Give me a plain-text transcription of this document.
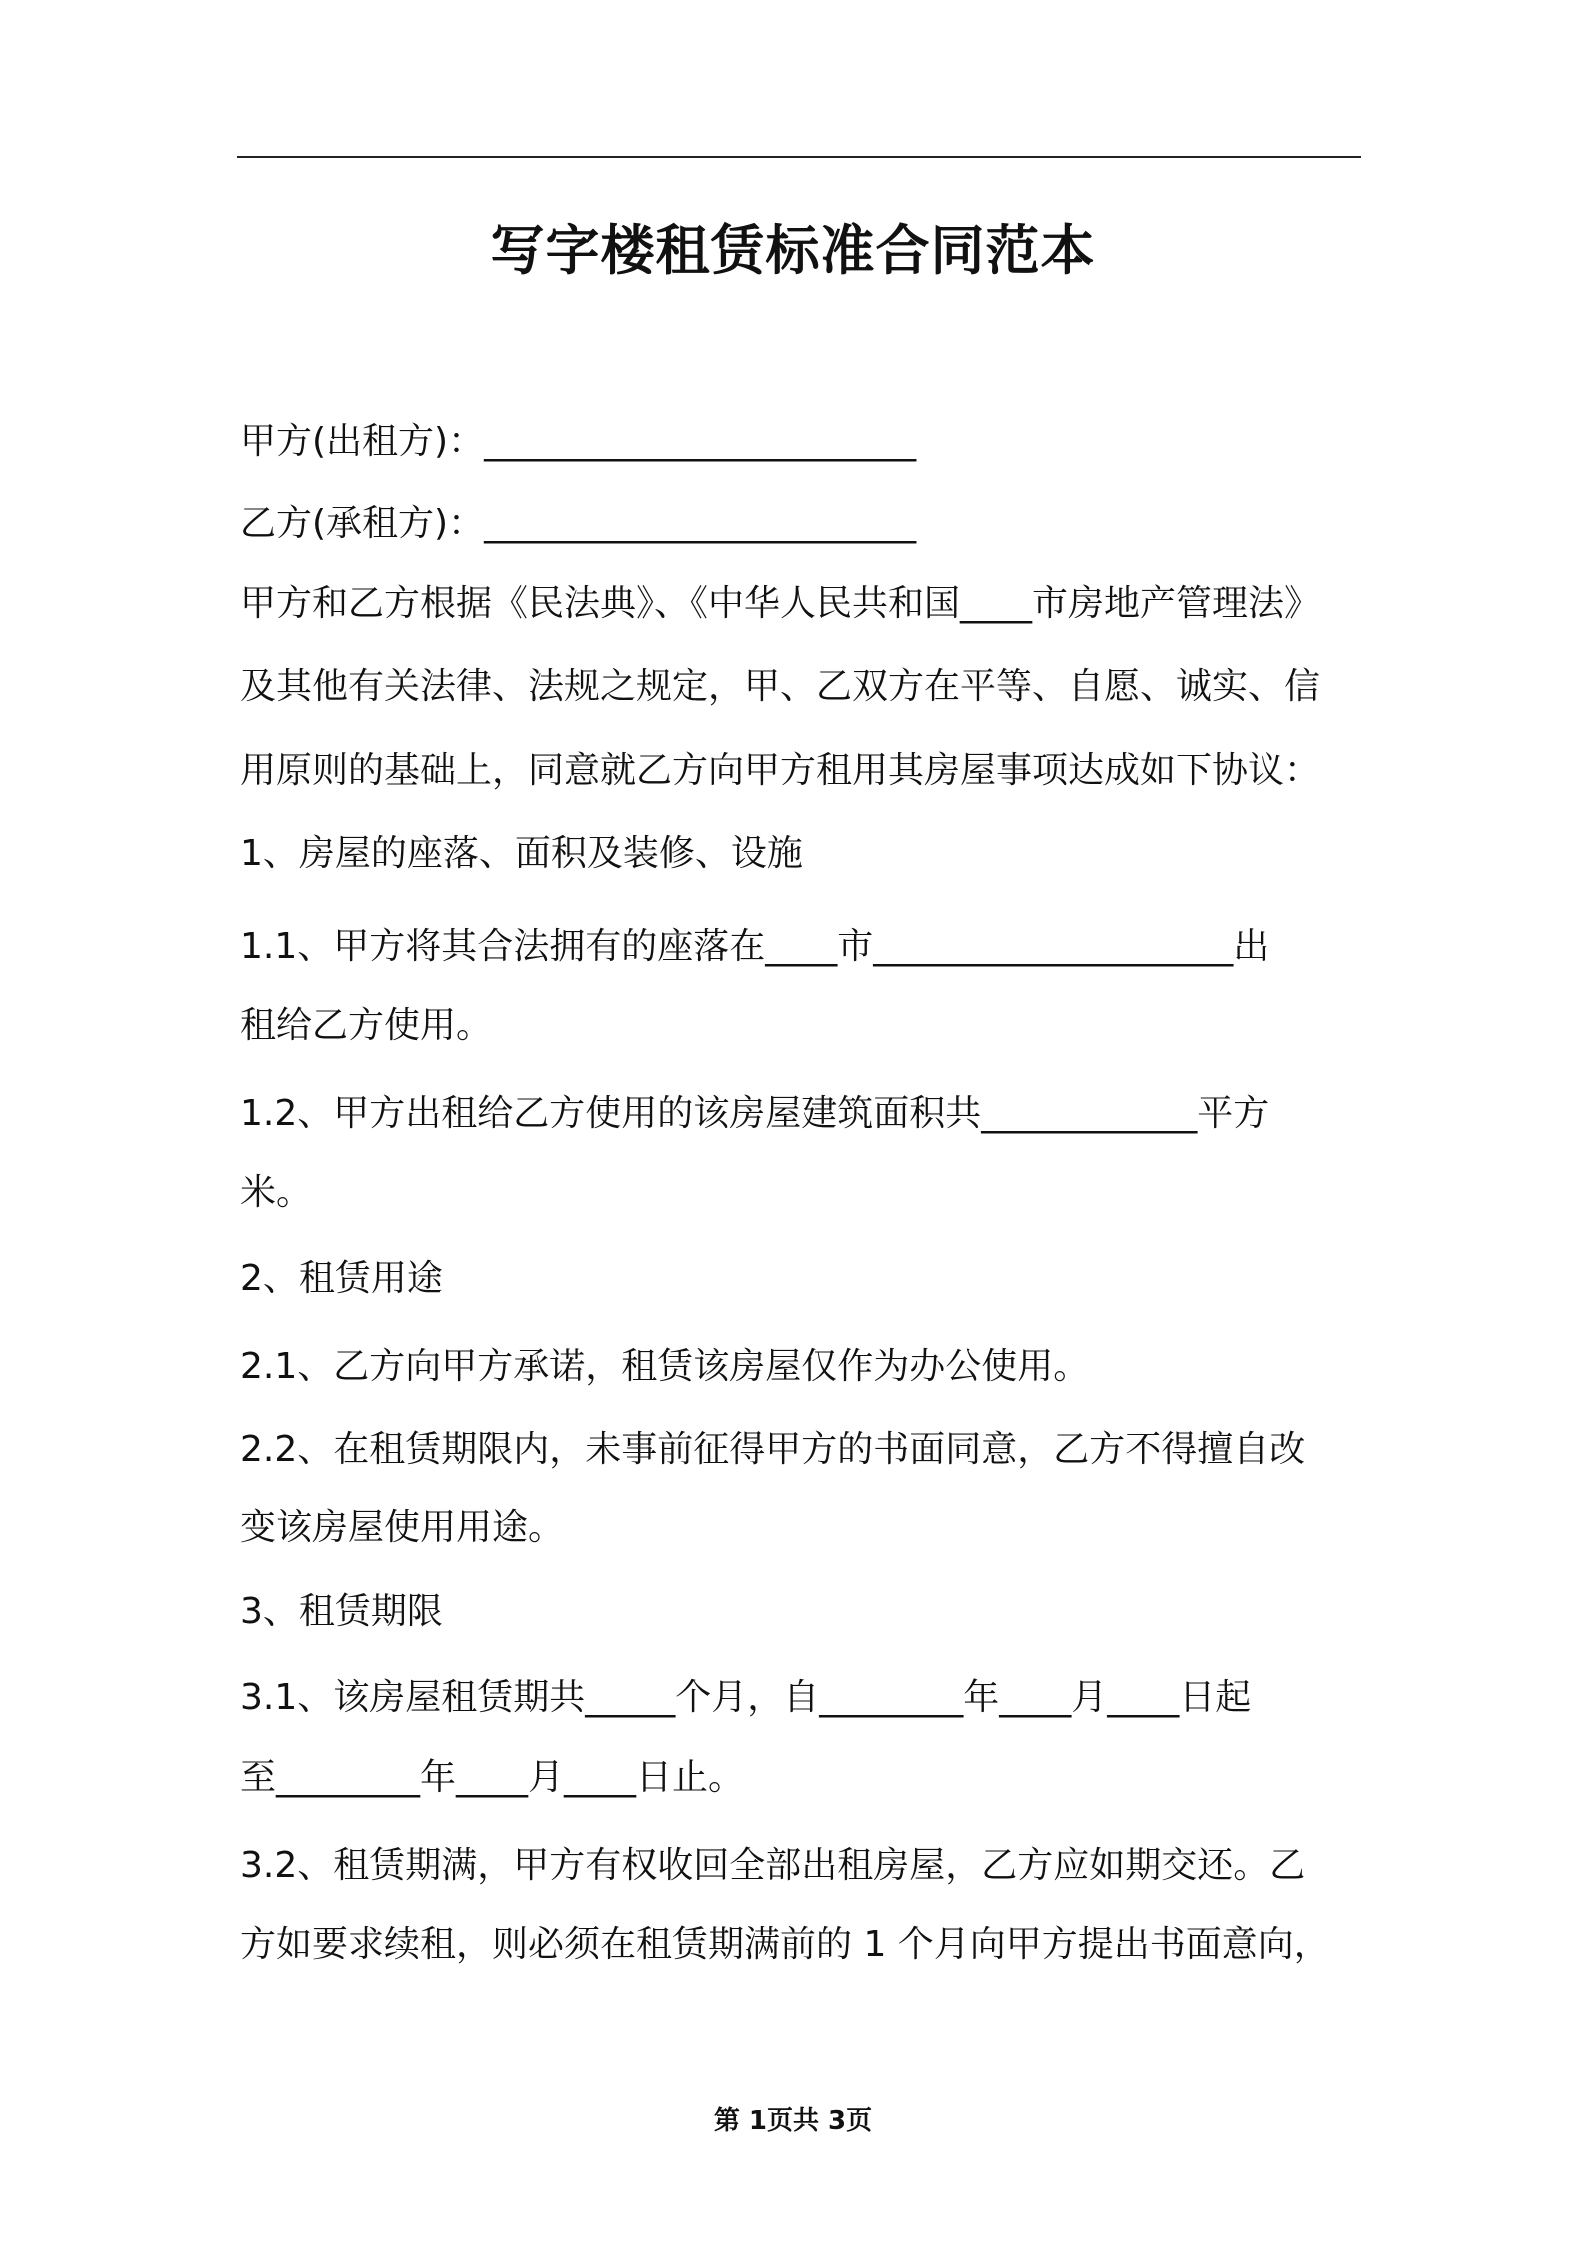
写字楼租赁标准合同范本

甲方(出租方)：________________________

乙方(承租方)：________________________

甲方和乙方根据《民法典》、《中华人民共和国____市房地产管理法》

及其他有关法律、法规之规定，甲、乙双方在平等、自愿、诚实、信

用原则的基础上，同意就乙方向甲方租用其房屋事项达成如下协议：

1、房屋的座落、面积及装修、设施

1.1、甲方将其合法拥有的座落在____市____________________出

租给乙方使用。

1.2、甲方出租给乙方使用的该房屋建筑面积共____________平方

米。

2、租赁用途

2.1、乙方向甲方承诺，租赁该房屋仅作为办公使用。

2.2、在租赁期限内，未事前征得甲方的书面同意，乙方不得擅自改

变该房屋使用用途。

3、租赁期限

3.1、该房屋租赁期共_____个月，自________年____月____日起

至________年____月____日止。

3.2、租赁期满，甲方有权收回全部出租房屋，乙方应如期交还。乙

方如要求续租，则必须在租赁期满前的 1 个月向甲方提出书面意向，

第 1页共 3页
